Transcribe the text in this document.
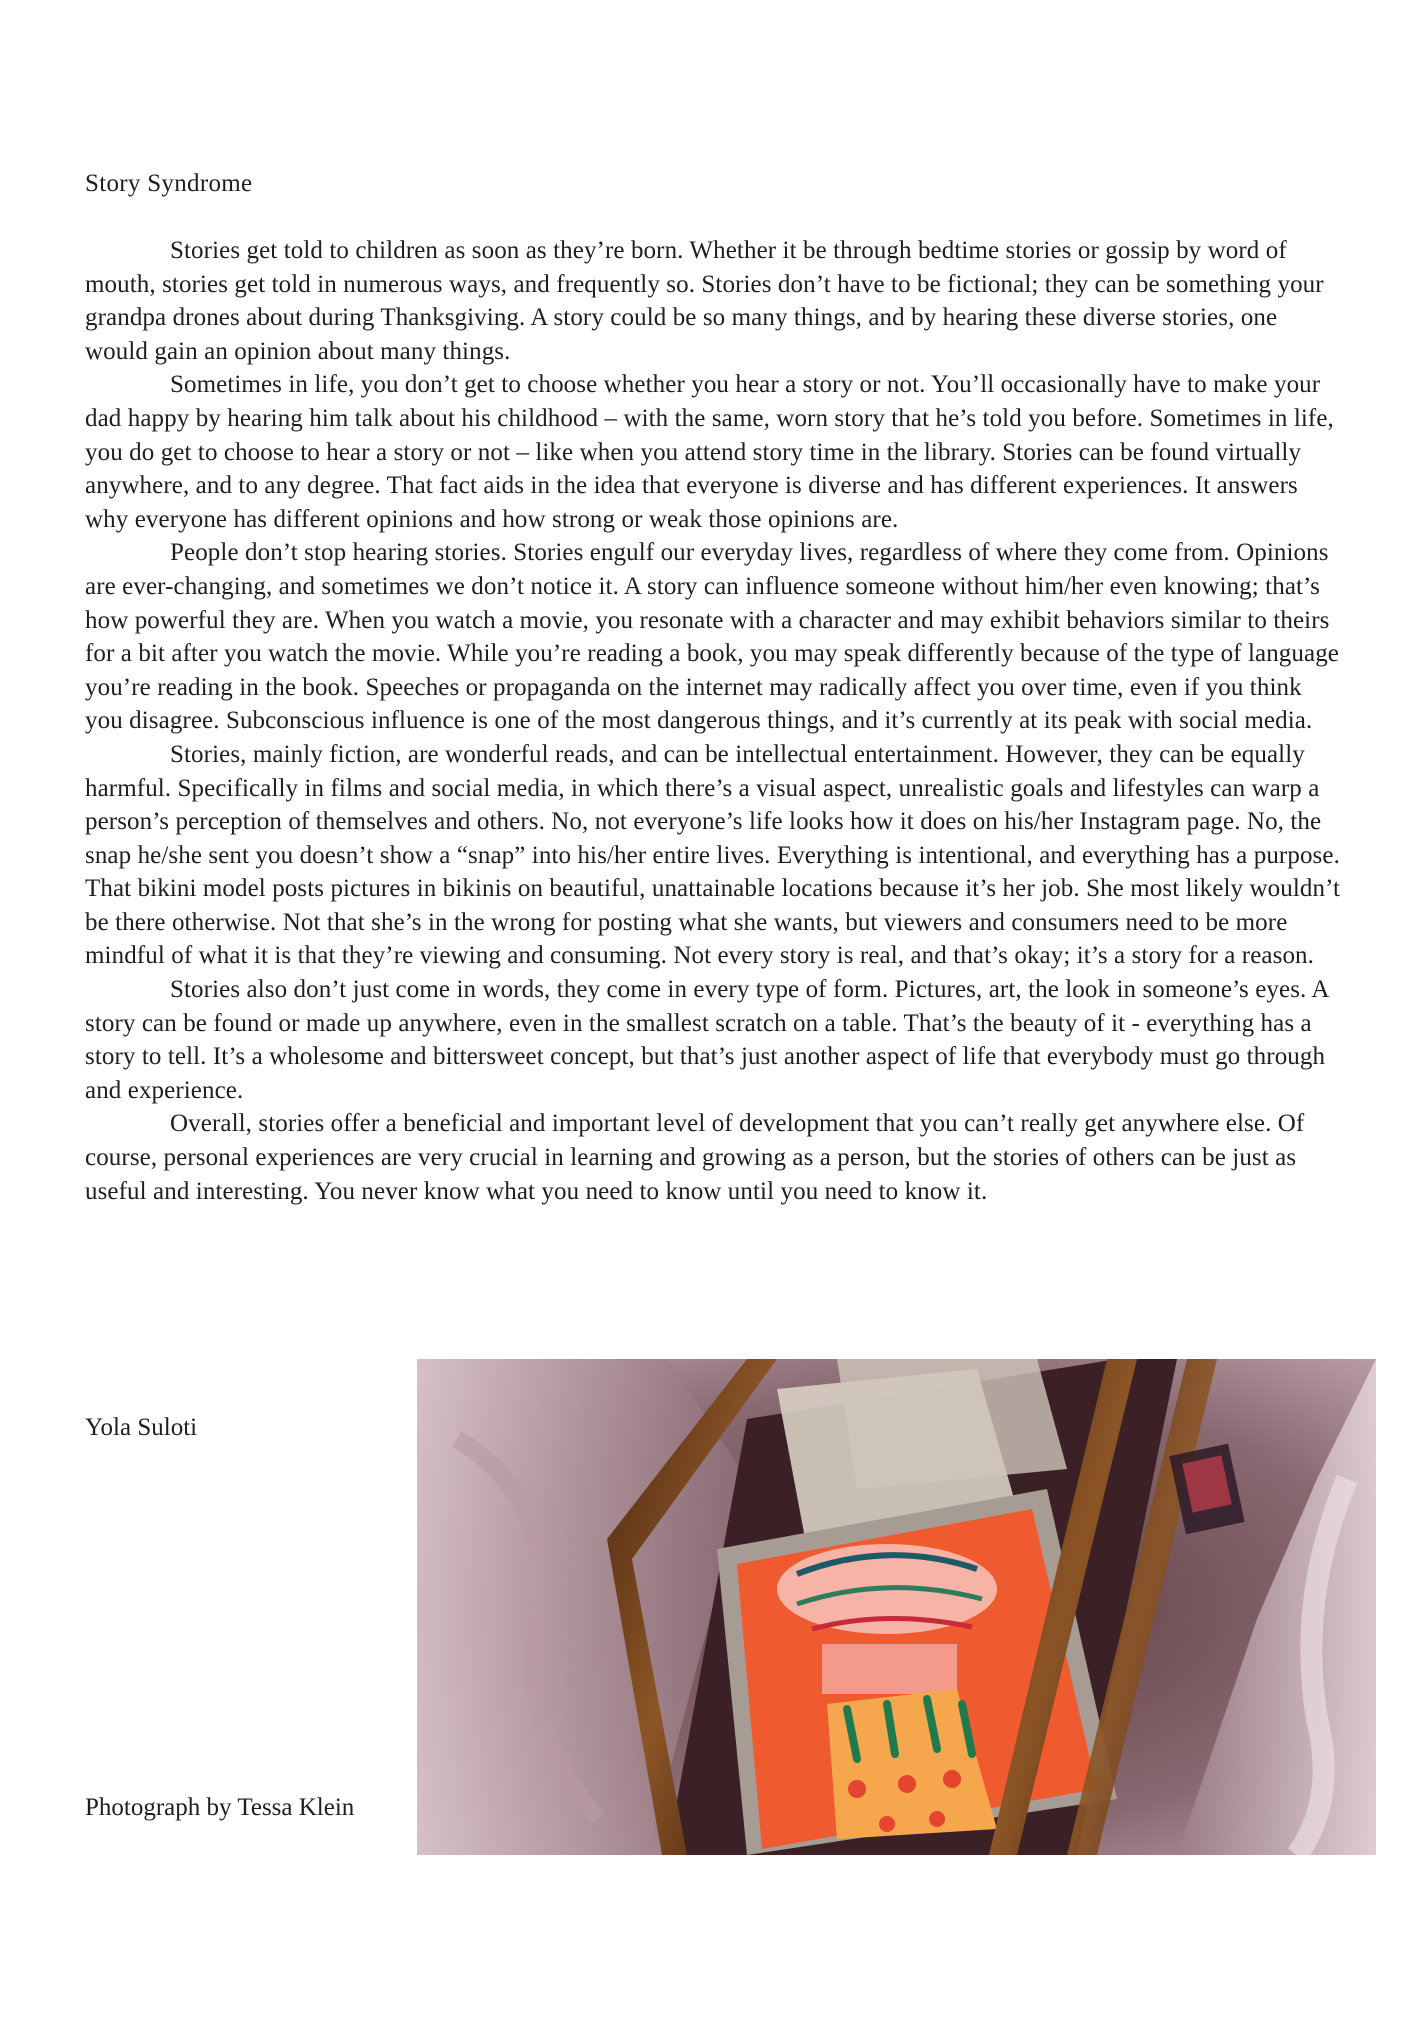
Story Syndrome

Stories get told to children as soon as they’re born. Whether it be through bedtime stories or gossip by word of mouth, stories get told in numerous ways, and frequently so. Stories don’t have to be fictional; they can be something your grandpa drones about during Thanksgiving. A story could be so many things, and by hearing these diverse stories, one would gain an opinion about many things.

Sometimes in life, you don’t get to choose whether you hear a story or not. You’ll occasionally have to make your dad happy by hearing him talk about his childhood – with the same, worn story that he’s told you before. Sometimes in life, you do get to choose to hear a story or not – like when you attend story time in the library. Stories can be found virtually anywhere, and to any degree. That fact aids in the idea that everyone is diverse and has different experiences. It answers why everyone has different opinions and how strong or weak those opinions are.

People don’t stop hearing stories. Stories engulf our everyday lives, regardless of where they come from. Opinions are ever-changing, and sometimes we don’t notice it. A story can influence someone without him/her even knowing; that’s how powerful they are. When you watch a movie, you resonate with a character and may exhibit behaviors similar to theirs for a bit after you watch the movie. While you’re reading a book, you may speak differently because of the type of language you’re reading in the book. Speeches or propaganda on the internet may radically affect you over time, even if you think you disagree. Subconscious influence is one of the most dangerous things, and it’s currently at its peak with social media.

Stories, mainly fiction, are wonderful reads, and can be intellectual entertainment. However, they can be equally harmful. Specifically in films and social media, in which there’s a visual aspect, unrealistic goals and lifestyles can warp a person’s perception of themselves and others. No, not everyone’s life looks how it does on his/her Instagram page. No, the snap he/she sent you doesn’t show a “snap” into his/her entire lives. Everything is intentional, and everything has a purpose. That bikini model posts pictures in bikinis on beautiful, unattainable locations because it’s her job. She most likely wouldn’t be there otherwise. Not that she’s in the wrong for posting what she wants, but viewers and consumers need to be more mindful of what it is that they’re viewing and consuming. Not every story is real, and that’s okay; it’s a story for a reason.

Stories also don’t just come in words, they come in every type of form. Pictures, art, the look in someone’s eyes. A story can be found or made up anywhere, even in the smallest scratch on a table. That’s the beauty of it - everything has a story to tell. It’s a wholesome and bittersweet concept, but that’s just another aspect of life that everybody must go through and experience.

Overall, stories offer a beneficial and important level of development that you can’t really get anywhere else. Of course, personal experiences are very crucial in learning and growing as a person, but the stories of others can be just as useful and interesting. You never know what you need to know until you need to know it.

Yola Suloti
Photograph by Tessa Klein
